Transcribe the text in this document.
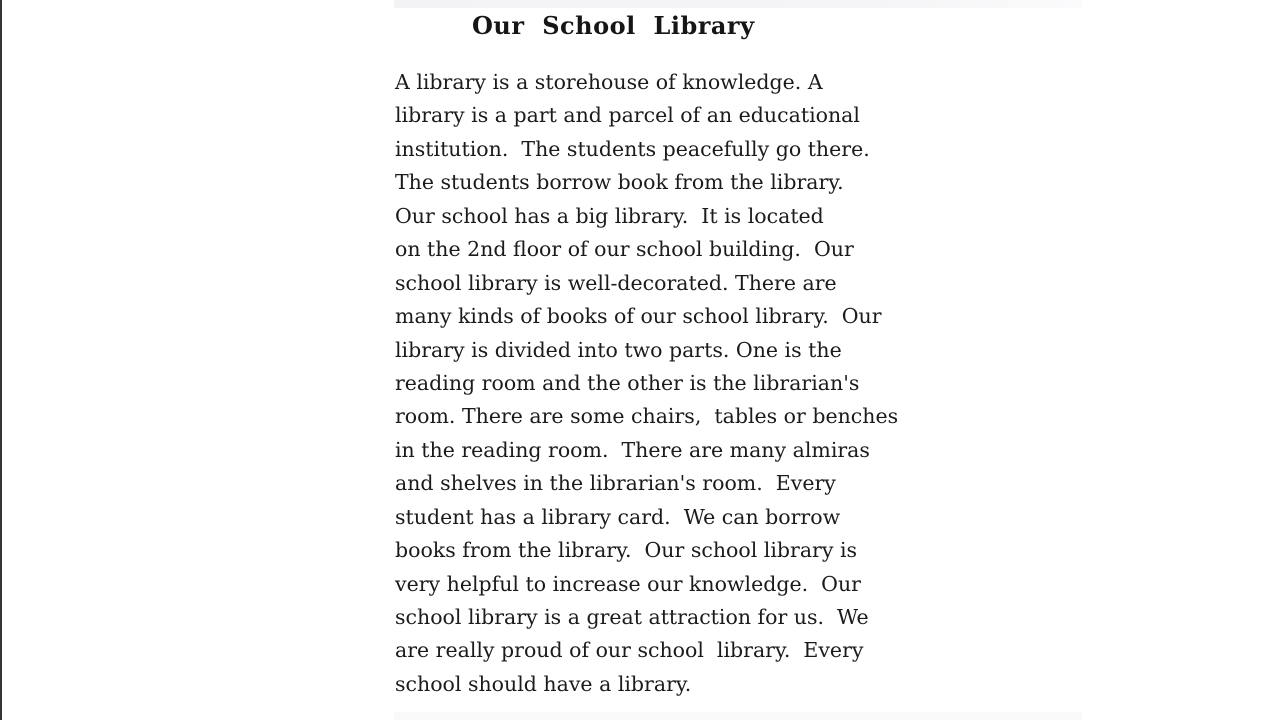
Our  School  Library
A library is a storehouse of knowledge. A
library is a part and parcel of an educational
institution.  The students peacefully go there.
The students borrow book from the library.
Our school has a big library.  It is located
on the 2nd floor of our school building.  Our
school library is well-decorated. There are
many kinds of books of our school library.  Our
library is divided into two parts. One is the
reading room and the other is the librarian's
room. There are some chairs,  tables or benches
in the reading room.  There are many almiras
and shelves in the librarian's room.  Every
student has a library card.  We can borrow
books from the library.  Our school library is
very helpful to increase our knowledge.  Our
school library is a great attraction for us.  We
are really proud of our school  library.  Every
school should have a library.
